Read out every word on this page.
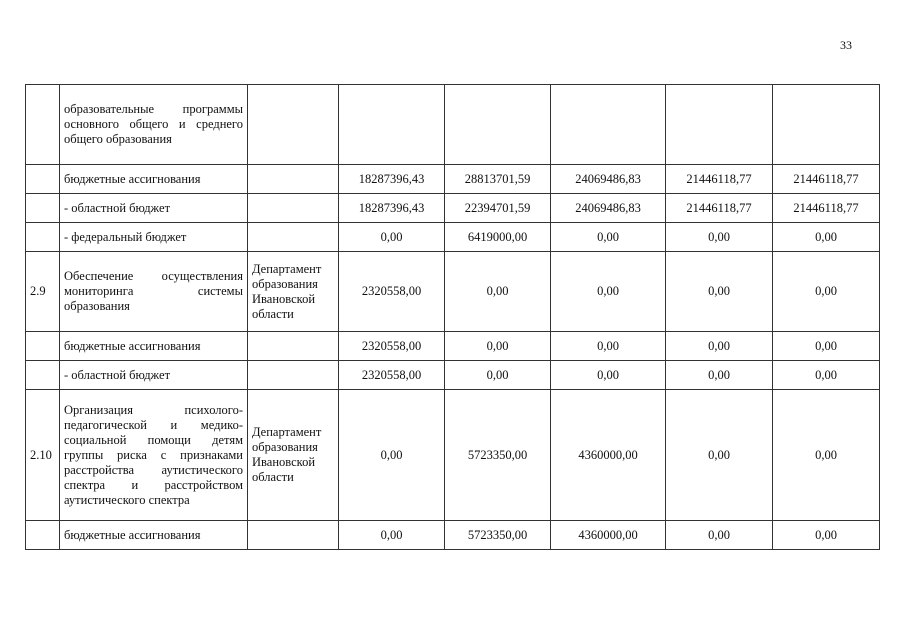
33
	образовательные программы основного общего и среднего общего образования						
	бюджетные ассигнования		18287396,43	28813701,59	24069486,83	21446118,77	21446118,77
	- областной бюджет		18287396,43	22394701,59	24069486,83	21446118,77	21446118,77
	- федеральный бюджет		0,00	6419000,00	0,00	0,00	0,00
2.9	Обеспечение осуществления мониторинга системы образования	Департамент образования Ивановской области	2320558,00	0,00	0,00	0,00	0,00
	бюджетные ассигнования		2320558,00	0,00	0,00	0,00	0,00
	- областной бюджет		2320558,00	0,00	0,00	0,00	0,00
2.10	Организация психолого-педагогической и медико-социальной помощи детям группы риска с признаками расстройства аутистического спектра и расстройством аутистического спектра	Департамент образования Ивановской области	0,00	5723350,00	4360000,00	0,00	0,00
	бюджетные ассигнования		0,00	5723350,00	4360000,00	0,00	0,00
